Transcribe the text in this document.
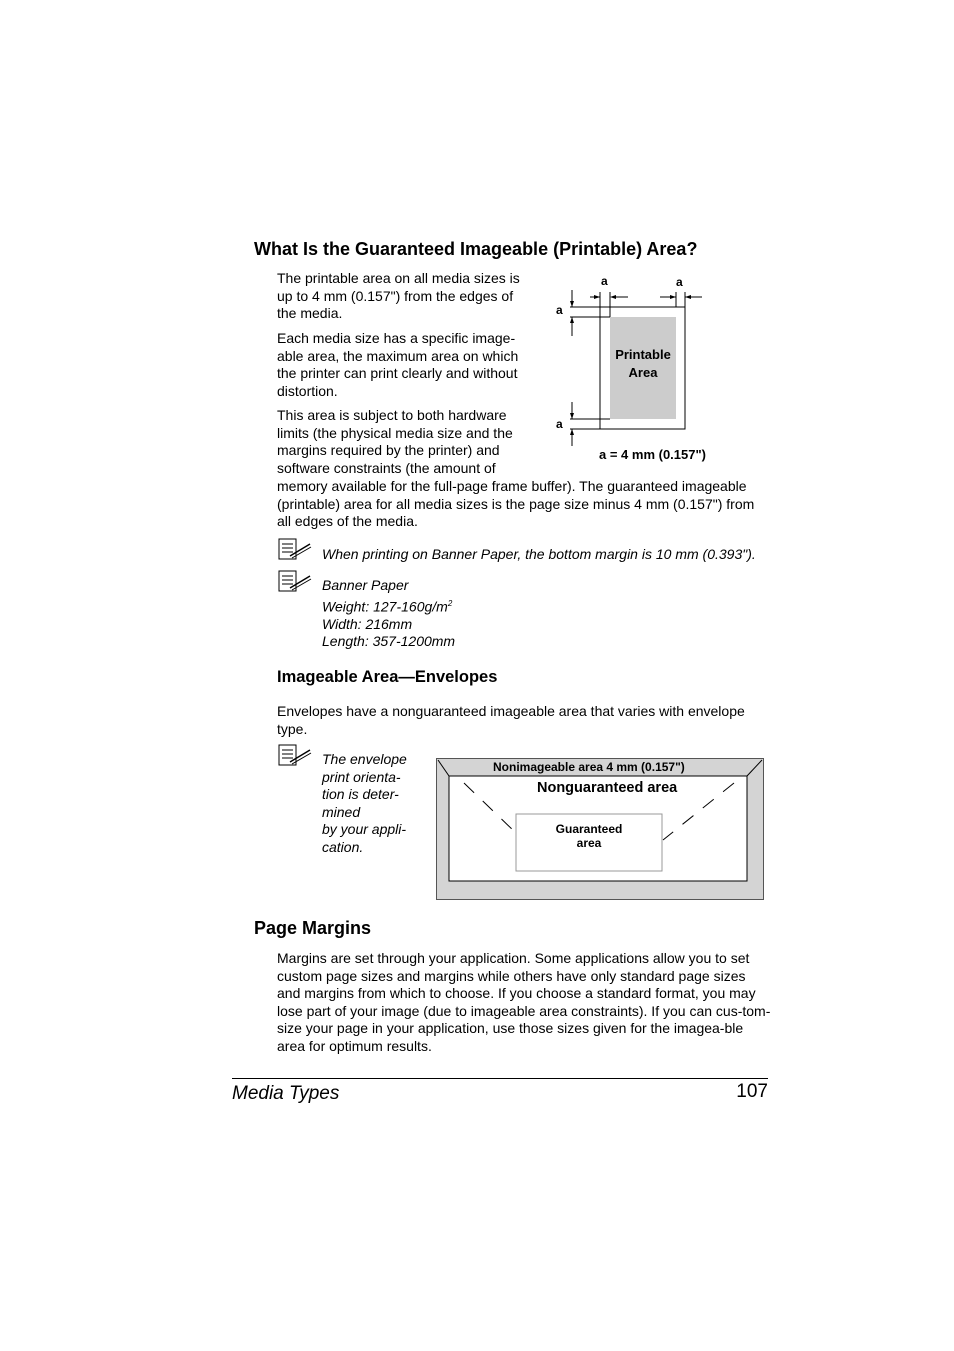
What Is the Guaranteed Imageable (Printable) Area?

The printable area on all media sizes is up to 4 mm (0.157") from the edges of the media.

Each media size has a specific image-able area, the maximum area on which the printer can print clearly and without distortion.

This area is subject to both hardware limits (the physical media size and the margins required by the printer) and software constraints (the amount of

memory available for the full-page frame buffer). The guaranteed imageable (printable) area for all media sizes is the page size minus 4 mm (0.157") from all edges of the media.

a	a
a
a
Printable
Area
a = 4 mm (0.157")

When printing on Banner Paper, the bottom margin is 10 mm (0.393").

Banner Paper
Weight: $127-160g/m^2$
Width: 216mm
Length: 357-1200mm
Imageable Area—Envelopes

Envelopes have a nonguaranteed imageable area that varies with envelope type.

The envelope
print orienta-
tion is deter-
mined
by your appli-
cation.
Nonimageable area 4 mm (0.157")
Nonguaranteed area
Guaranteed
area
Page Margins

Margins are set through your application. Some applications allow you to set custom page sizes and margins while others have only standard page sizes and margins from which to choose. If you choose a standard format, you may lose part of your image (due to imageable area constraints). If you can cus-tom-size your page in your application, use those sizes given for the imagea-ble area for optimum results.

Media Types	107
